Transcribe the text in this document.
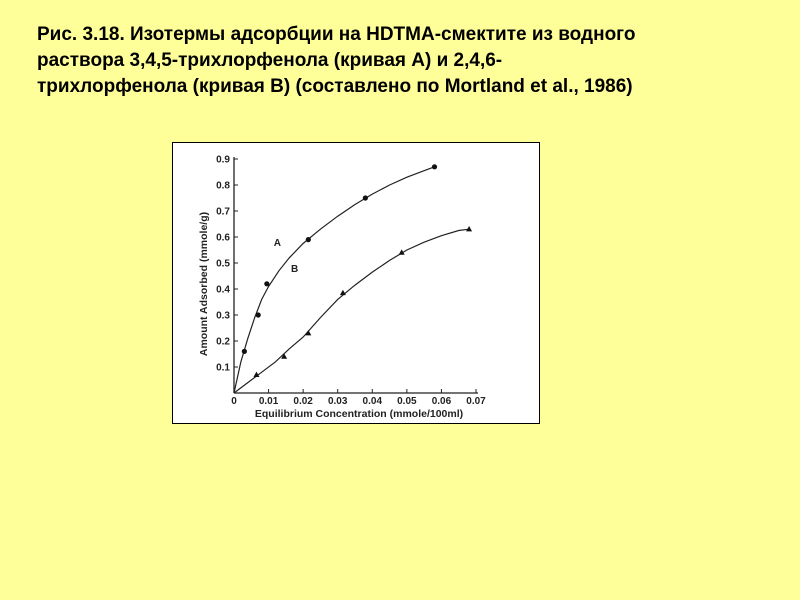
Рис. 3.18. Изотермы адсорбции на HDTMA-смектите из водного
раствора 3,4,5-трихлорфенола (кривая А) и 2,4,6-
трихлорфенола (кривая В) (составлено по Mortland et al., 1986)
0 0.01 0.02 0.03 0.04 0.05 0.06 0.07
0.1
0.2
0.3
0.4
0.5
0.6
0.7
0.8
0.9
Equilibrium Concentration (mmole/100ml)
Amount Adsorbed (mmole/g)	A
B
